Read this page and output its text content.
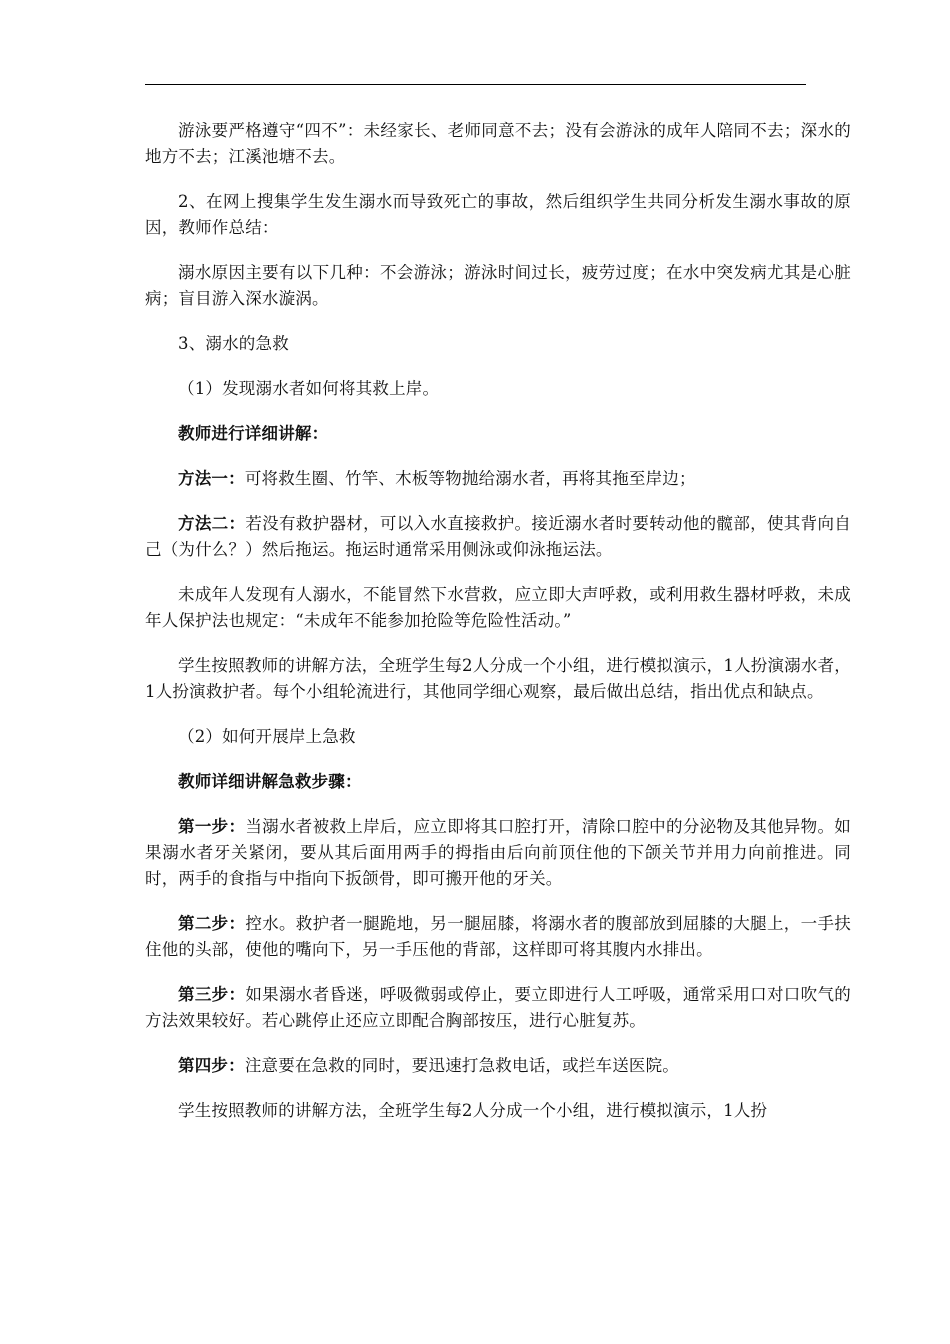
游泳要严格遵守“四不”：未经家长、老师同意不去；没有会游泳的成年人陪同不去；深水的地方不去；江溪池塘不去。

2、在网上搜集学生发生溺水而导致死亡的事故，然后组织学生共同分析发生溺水事故的原因，教师作总结：

溺水原因主要有以下几种：不会游泳；游泳时间过长，疲劳过度；在水中突发病尤其是心脏病；盲目游入深水漩涡。

3、溺水的急救

（1）发现溺水者如何将其救上岸。

教师进行详细讲解：

方法一：可将救生圈、竹竿、木板等物抛给溺水者，再将其拖至岸边；

方法二：若没有救护器材，可以入水直接救护。接近溺水者时要转动他的髋部，使其背向自己（为什么？）然后拖运。拖运时通常采用侧泳或仰泳拖运法。

未成年人发现有人溺水，不能冒然下水营救，应立即大声呼救，或利用救生器材呼救，未成年人保护法也规定：“未成年不能参加抢险等危险性活动。”

学生按照教师的讲解方法，全班学生每2人分成一个小组，进行模拟演示，1人扮演溺水者，1人扮演救护者。每个小组轮流进行，其他同学细心观察，最后做出总结，指出优点和缺点。

（2）如何开展岸上急救

教师详细讲解急救步骤：

第一步：当溺水者被救上岸后，应立即将其口腔打开，清除口腔中的分泌物及其他异物。如果溺水者牙关紧闭，要从其后面用两手的拇指由后向前顶住他的下颌关节并用力向前推进。同时，两手的食指与中指向下扳颌骨，即可搬开他的牙关。

第二步：控水。救护者一腿跪地，另一腿屈膝，将溺水者的腹部放到屈膝的大腿上，一手扶住他的头部，使他的嘴向下，另一手压他的背部，这样即可将其腹内水排出。

第三步：如果溺水者昏迷，呼吸微弱或停止，要立即进行人工呼吸，通常采用口对口吹气的方法效果较好。若心跳停止还应立即配合胸部按压，进行心脏复苏。

第四步：注意要在急救的同时，要迅速打急救电话，或拦车送医院。

学生按照教师的讲解方法，全班学生每2人分成一个小组，进行模拟演示，1人扮
